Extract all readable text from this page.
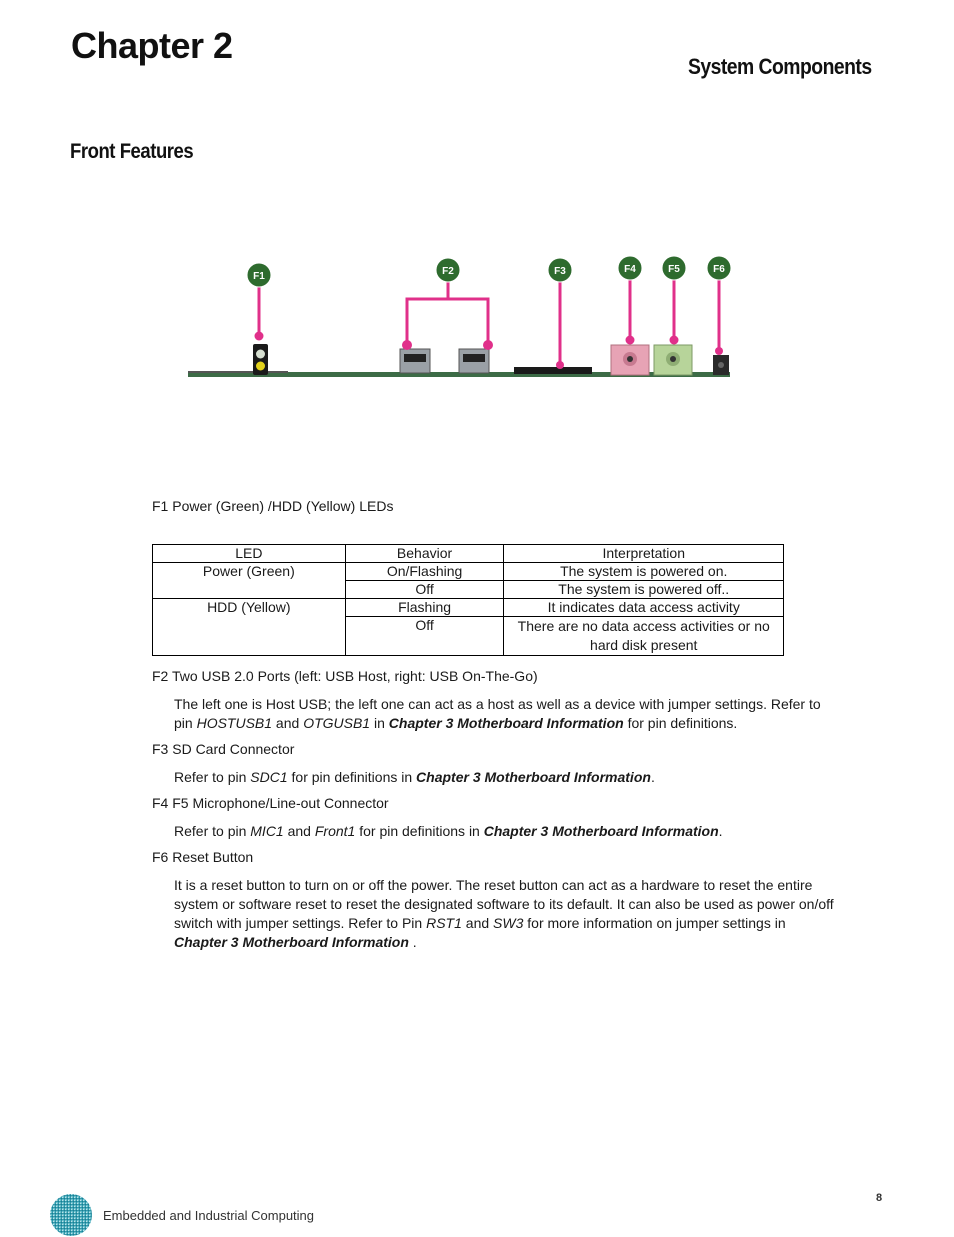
Chapter 2
System Components
Front Features
F1	F2	F3	F4	F5	F6
F1 Power (Green) /HDD (Yellow) LEDs
LED	Behavior	Interpretation
Power (Green)	On/Flashing	The system is powered on.
	Off	The system is powered off..
HDD (Yellow)	Flashing	It indicates data access activity
	Off	There are no data access activities or no
hard disk present
F2 Two USB 2.0 Ports (left: USB Host, right: USB On-The-Go)
The left one is Host USB; the left one can act as a host as well as a device with jumper settings. Refer to pin HOSTUSB1 and OTGUSB1 in Chapter 3 Motherboard Information for pin definitions.
F3 SD Card Connector
Refer to pin SDC1 for pin definitions in Chapter 3 Motherboard Information.
F4 F5 Microphone/Line-out Connector
Refer to pin MIC1 and Front1 for pin definitions in Chapter 3 Motherboard Information.
F6 Reset Button
It is a reset button to turn on or off the power. The reset button can act as a hardware to reset the entire system or software reset to reset the designated software to its default. It can also be used as power on/off switch with jumper settings. Refer to Pin RST1 and SW3 for more information on jumper settings in Chapter 3 Motherboard Information .
Embedded and Industrial Computing
8
